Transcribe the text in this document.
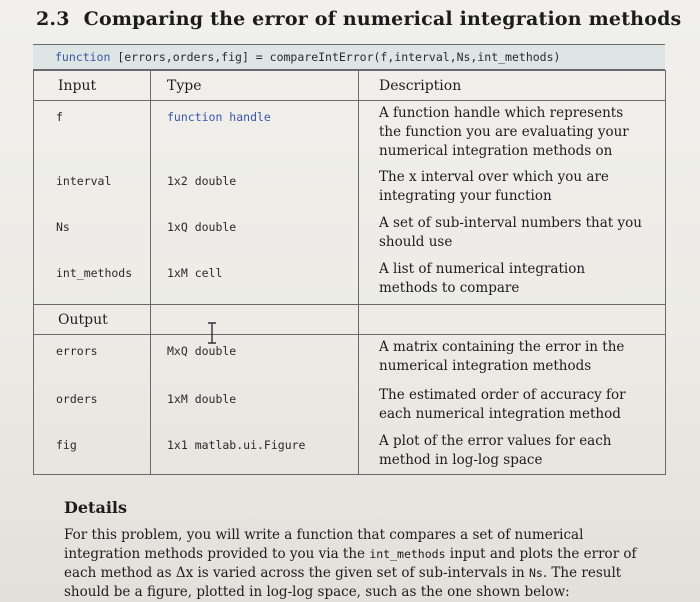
2.3 Comparing the error of numerical integration methods
function [errors,orders,fig] = compareIntError(f,interval,Ns,int_methods)
Input	Type	Description
f	function handle	A function handle which represents the function you are evaluating your numerical integration methods on

interval	1x2 double	The x interval over which you are integrating your function

Ns	1xQ double	A set of sub-interval numbers that you should use

int_methods	1xM cell	A list of numerical integration methods to compare

Output		
errors	MxQ double	A matrix containing the error in the numerical integration methods

orders	1xM double	The estimated order of accuracy for each numerical integration method

fig	1x1 matlab.ui.Figure	A plot of the error values for each method in log-log space
Details
For this problem, you will write a function that compares a set of numerical integration methods provided to you via the int_methods input and plots the error of each method as Δx is varied across the given set of sub-intervals in Ns. The result should be a figure, plotted in log-log space, such as the one shown below:
